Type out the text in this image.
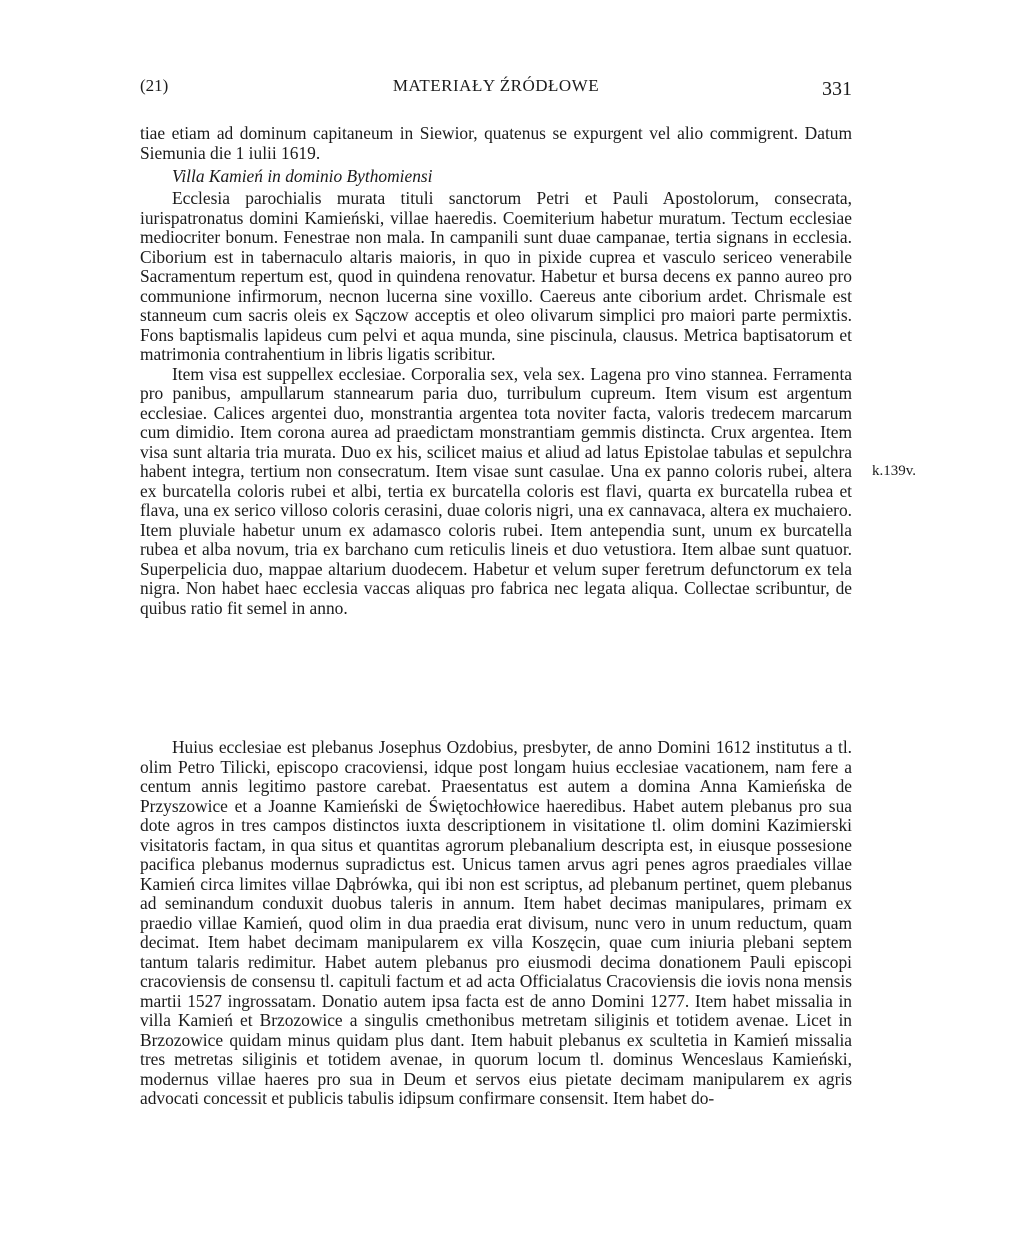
(21)	MATERIAŁY ŹRÓDŁOWE	331

tiae etiam ad dominum capitaneum in Siewior, quatenus se expurgent vel alio commigrent. Datum Siemunia die 1 iulii 1619.

Villa Kamień in dominio Bythomiensi

Ecclesia parochialis murata tituli sanctorum Petri et Pauli Apostolorum, consecrata, iurispatronatus domini Kamieński, villae haeredis. Coemiterium habetur muratum. Tectum ecclesiae mediocriter bonum. Fenestrae non mala. In campanili sunt duae campanae, tertia signans in ecclesia. Ciborium est in tabernaculo altaris maioris, in quo in pixide cuprea et vasculo sericeo venerabile Sacramentum repertum est, quod in quindena renovatur. Habetur et bursa decens ex panno aureo pro communione infirmorum, necnon lucerna sine voxillo. Caereus ante ciborium ardet. Chrismale est stanneum cum sacris oleis ex Sączow acceptis et oleo olivarum simplici pro maiori parte permixtis. Fons baptismalis lapideus cum pelvi et aqua munda, sine piscinula, clausus. Metrica baptisatorum et matrimonia contrahentium in libris ligatis scribitur.

Item visa est suppellex ecclesiae. Corporalia sex, vela sex. Lagena pro vino stannea. Ferramenta pro panibus, ampullarum stannearum paria duo, turribulum cupreum. Item visum est argentum ecclesiae. Calices argentei duo, monstrantia argentea tota noviter facta, valoris tredecem marcarum cum dimidio. Item corona aurea ad praedictam monstrantiam gemmis distincta. Crux argentea. Item visa sunt altaria tria murata. Duo ex his, scilicet maius et aliud ad latus Epistolae tabulas et sepulchra habent integra, tertium non consecratum. Item visae sunt casulae. Una ex panno coloris rubei, altera ex burcatella coloris rubei et albi, tertia ex burcatella coloris est flavi, quarta ex burcatella rubea et flava, una ex serico villoso coloris cerasini, duae coloris nigri, una ex cannavaca, altera ex muchaiero. Item pluviale habetur unum ex adamasco coloris rubei. Item antependia sunt, unum ex burcatella rubea et alba novum, tria ex barchano cum reticulis lineis et duo vetustiora. Item albae sunt quatuor. Superpelicia duo, mappae altarium duodecem. Habetur et velum super feretrum defunctorum ex tela nigra. Non habet haec ecclesia vaccas aliquas pro fabrica nec legata aliqua. Collectae scribuntur, de quibus ratio fit semel in anno.

Huius ecclesiae est plebanus Josephus Ozdobius, presbyter, de anno Domini 1612 institutus a tl. olim Petro Tilicki, episcopo cracoviensi, idque post longam huius ecclesiae vacationem, nam fere a centum annis legitimo pastore carebat. Praesentatus est autem a domina Anna Kamieńska de Przyszowice et a Joanne Kamieński de Świętochłowice haeredibus. Habet autem plebanus pro sua dote agros in tres campos distinctos iuxta descriptionem in visitatione tl. olim domini Kazimierski visitatoris factam, in qua situs et quantitas agrorum plebanalium descripta est, in eiusque possesione pacifica plebanus modernus supradictus est. Unicus tamen arvus agri penes agros praediales villae Kamień circa limites villae Dąbrówka, qui ibi non est scriptus, ad plebanum pertinet, quem plebanus ad seminandum conduxit duobus taleris in annum. Item habet decimas manipulares, primam ex praedio villae Kamień, quod olim in dua praedia erat divisum, nunc vero in unum reductum, quam decimat. Item habet decimam manipularem ex villa Koszęcin, quae cum iniuria plebani septem tantum talaris redimitur. Habet autem plebanus pro eiusmodi decima donationem Pauli episcopi cracoviensis de consensu tl. capituli factum et ad acta Officialatus Cracoviensis die iovis nona mensis martii 1527 ingrossatam. Donatio autem ipsa facta est de anno Domini 1277. Item habet missalia in villa Kamień et Brzozowice a singulis cmethonibus metretam siliginis et totidem avenae. Licet in Brzozowice quidam minus quidam plus dant. Item habuit plebanus ex scultetia in Kamień missalia tres metretas siliginis et totidem avenae, in quorum locum tl. dominus Wenceslaus Kamieński, modernus villae haeres pro sua in Deum et servos eius pietate decimam manipularem ex agris advocati concessit et publicis tabulis idipsum confirmare consensit. Item habet do-

k.139v.
